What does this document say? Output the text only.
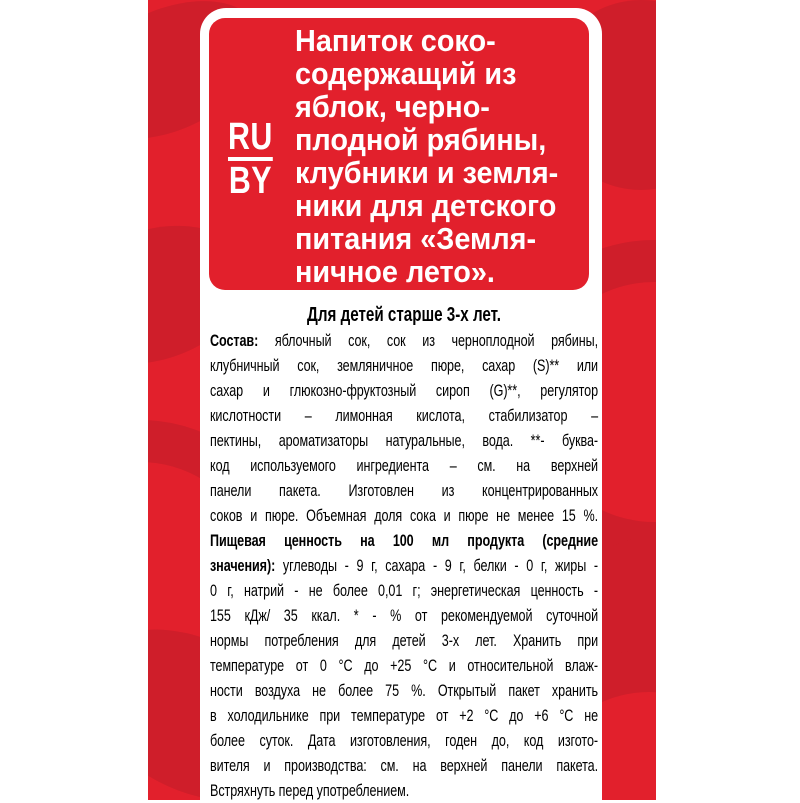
RU
BY
Напиток соко-
содержащий из
яблок, черно-
плодной рябины,
клубники и земля-
ники для детского
питания «Земля-
ничное лето».
Для детей старше 3-х лет.
Состав: яблочный сок, сок из черноплодной рябины,
клубничный сок, земляничное пюре, сахар (S)** или
сахар и глюкозно-фруктозный сироп (G)**, регулятор
кислотности – лимонная кислота, стабилизатор –
пектины, ароматизаторы натуральные, вода. **- буква-
код используемого ингредиента – см. на верхней
панели пакета. Изготовлен из концентрированных
соков и пюре. Объемная доля сока и пюре не менее 15 %.
Пищевая ценность на 100 мл продукта (средние
значения): углеводы - 9 г, сахара - 9 г, белки - 0 г, жиры -
0 г, натрий - не более 0,01 г; энергетическая ценность -
155 кДж/ 35 ккал. * - % от рекомендуемой суточной
нормы потребления для детей 3-х лет. Хранить при
температуре от 0 °С до +25 °С и относительной влаж-
ности воздуха не более 75 %. Открытый пакет хранить
в холодильнике при температуре от +2 °С до +6 °С не
более суток. Дата изготовления, годен до, код изгото-
вителя и производства: см. на верхней панели пакета.
Встряхнуть перед употреблением.
